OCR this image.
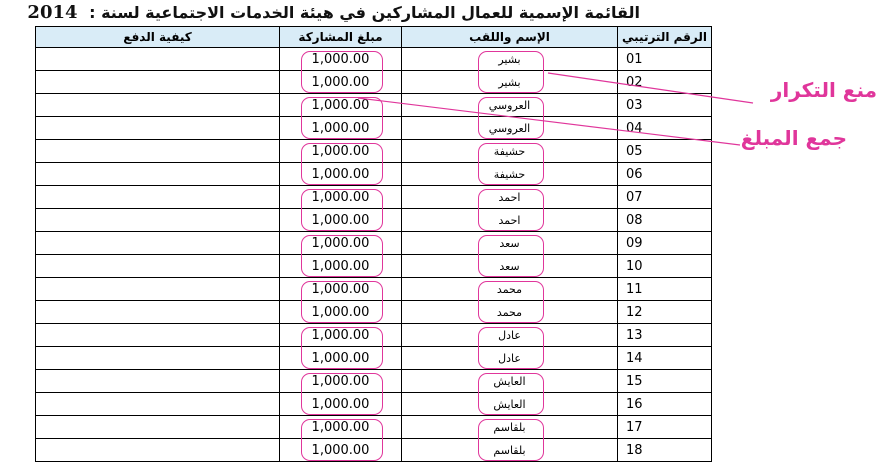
القائمة الإسمية للعمال المشاركين في هيئة الخدمات الاجتماعية لسنة : 2014
كيفية الدفع	مبلغ المشاركة	الإسم واللقب	الرقم الترتيبي
	1,000.00	بشير	01
	1,000.00	بشير	02
	1,000.00	العروسي	03
	1,000.00	العروسي	04
	1,000.00	حشيفة	05
	1,000.00	حشيفة	06
	1,000.00	احمد	07
	1,000.00	احمد	08
	1,000.00	سعد	09
	1,000.00	سعد	10
	1,000.00	محمد	11
	1,000.00	محمد	12
	1,000.00	عادل	13
	1,000.00	عادل	14
	1,000.00	العايش	15
	1,000.00	العايش	16
	1,000.00	بلقاسم	17
	1,000.00	بلقاسم	18
منع التكرار
جمع المبلغ
